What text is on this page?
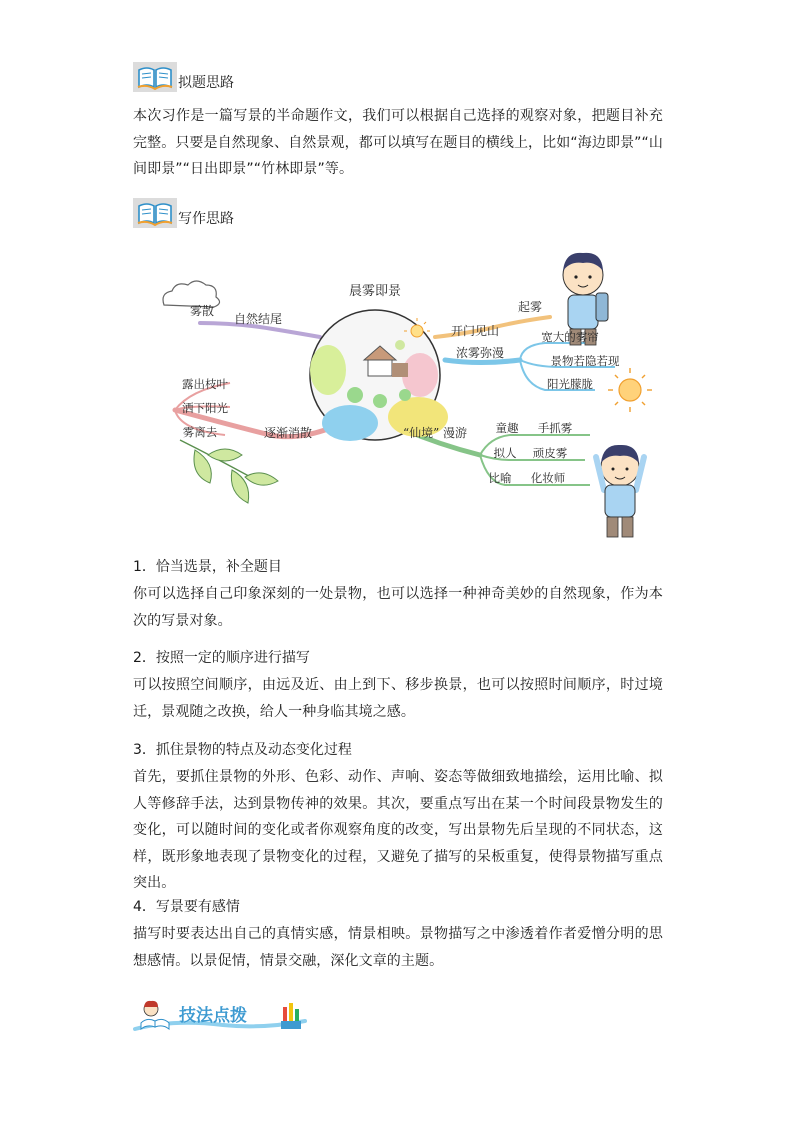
拟题思路

本次习作是一篇写景的半命题作文，我们可以根据自己选择的观察对象，把题目补充完整。只要是自然现象、自然景观，都可以填写在题目的横线上，比如“海边即景”“山间即景”“日出即景”“竹林即景”等。

写作思路
晨雾即景
自然结尾
雾散
开门见山
起雾
浓雾弥漫
宽大的雾帘
景物若隐若现
阳光朦胧
逐渐消散
露出枝叶
洒下阳光
雾离去	“仙境” 漫游 童趣 手抓雾
拟人 顽皮雾
比喻 化妆师
1．恰当选景，补全题目

你可以选择自己印象深刻的一处景物，也可以选择一种神奇美妙的自然现象，作为本次的写景对象。

2．按照一定的顺序进行描写

可以按照空间顺序，由远及近、由上到下、移步换景，也可以按照时间顺序，时过境迁，景观随之改换，给人一种身临其境之感。

3．抓住景物的特点及动态变化过程

首先，要抓住景物的外形、色彩、动作、声响、姿态等做细致地描绘，运用比喻、拟人等修辞手法，达到景物传神的效果。其次，要重点写出在某一个时间段景物发生的变化，可以随时间的变化或者你观察角度的改变，写出景物先后呈现的不同状态，这样，既形象地表现了景物变化的过程，又避免了描写的呆板重复，使得景物描写重点突出。

4．写景要有感情

描写时要表达出自己的真情实感，情景相映。景物描写之中渗透着作者爱憎分明的思想感情。以景促情，情景交融，深化文章的主题。

技法点拨
